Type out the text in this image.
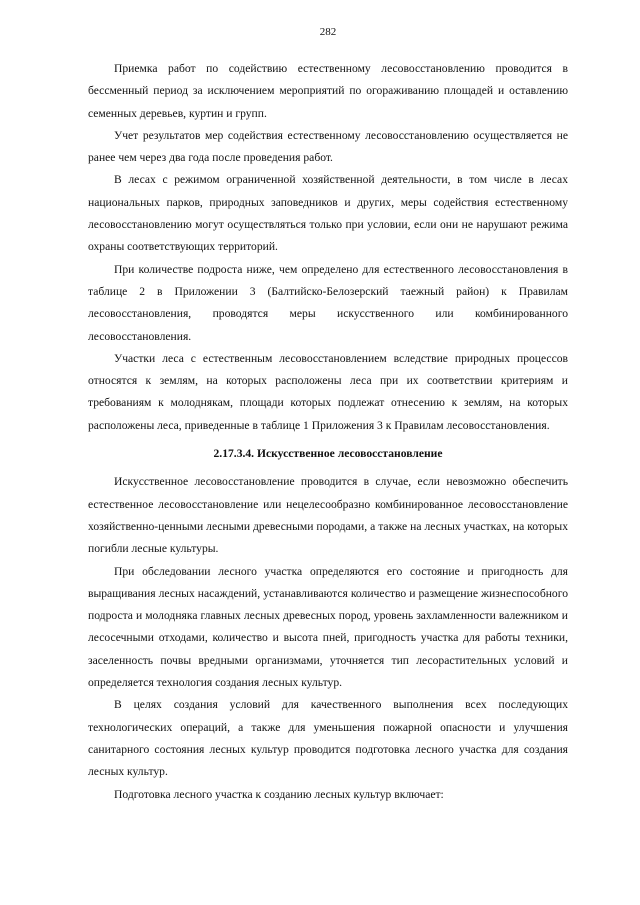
282

Приемка работ по содействию естественному лесовосстановлению проводится в бессменный период за исключением мероприятий по огораживанию площадей и оставлению семенных деревьев, куртин и групп.

Учет результатов мер содействия естественному лесовосстановлению осуществляется не ранее чем через два года после проведения работ.

В лесах с режимом ограниченной хозяйственной деятельности, в том числе в лесах национальных парков, природных заповедников и других, меры содействия естественному лесовосстановлению могут осуществляться только при условии, если они не нарушают режима охраны соответствующих территорий.

При количестве подроста ниже, чем определено для естественного лесовосстановления в таблице 2 в Приложении 3 (Балтийско-Белозерский таежный район) к Правилам лесовосстановления, проводятся меры искусственного или комбинированного лесовосстановления.

Участки леса с естественным лесовосстановлением вследствие природных процессов относятся к землям, на которых расположены леса при их соответствии критериям и требованиям к молоднякам, площади которых подлежат отнесению к землям, на которых расположены леса, приведенные в таблице 1 Приложения 3 к Правилам лесовосстановления.

2.17.3.4. Искусственное лесовосстановление

Искусственное лесовосстановление проводится в случае, если невозможно обеспечить естественное лесовосстановление или нецелесообразно комбинированное лесовосстановление хозяйственно-ценными лесными древесными породами, а также на лесных участках, на которых погибли лесные культуры.

При обследовании лесного участка определяются его состояние и пригодность для выращивания лесных насаждений, устанавливаются количество и размещение жизнеспособного подроста и молодняка главных лесных древесных пород, уровень захламленности валежником и лесосечными отходами, количество и высота пней, пригодность участка для работы техники, заселенность почвы вредными организмами, уточняется тип лесорастительных условий и определяется технология создания лесных культур.

В целях создания условий для качественного выполнения всех последующих технологических операций, а также для уменьшения пожарной опасности и улучшения санитарного состояния лесных культур проводится подготовка лесного участка для создания лесных культур.

Подготовка лесного участка к созданию лесных культур включает:
